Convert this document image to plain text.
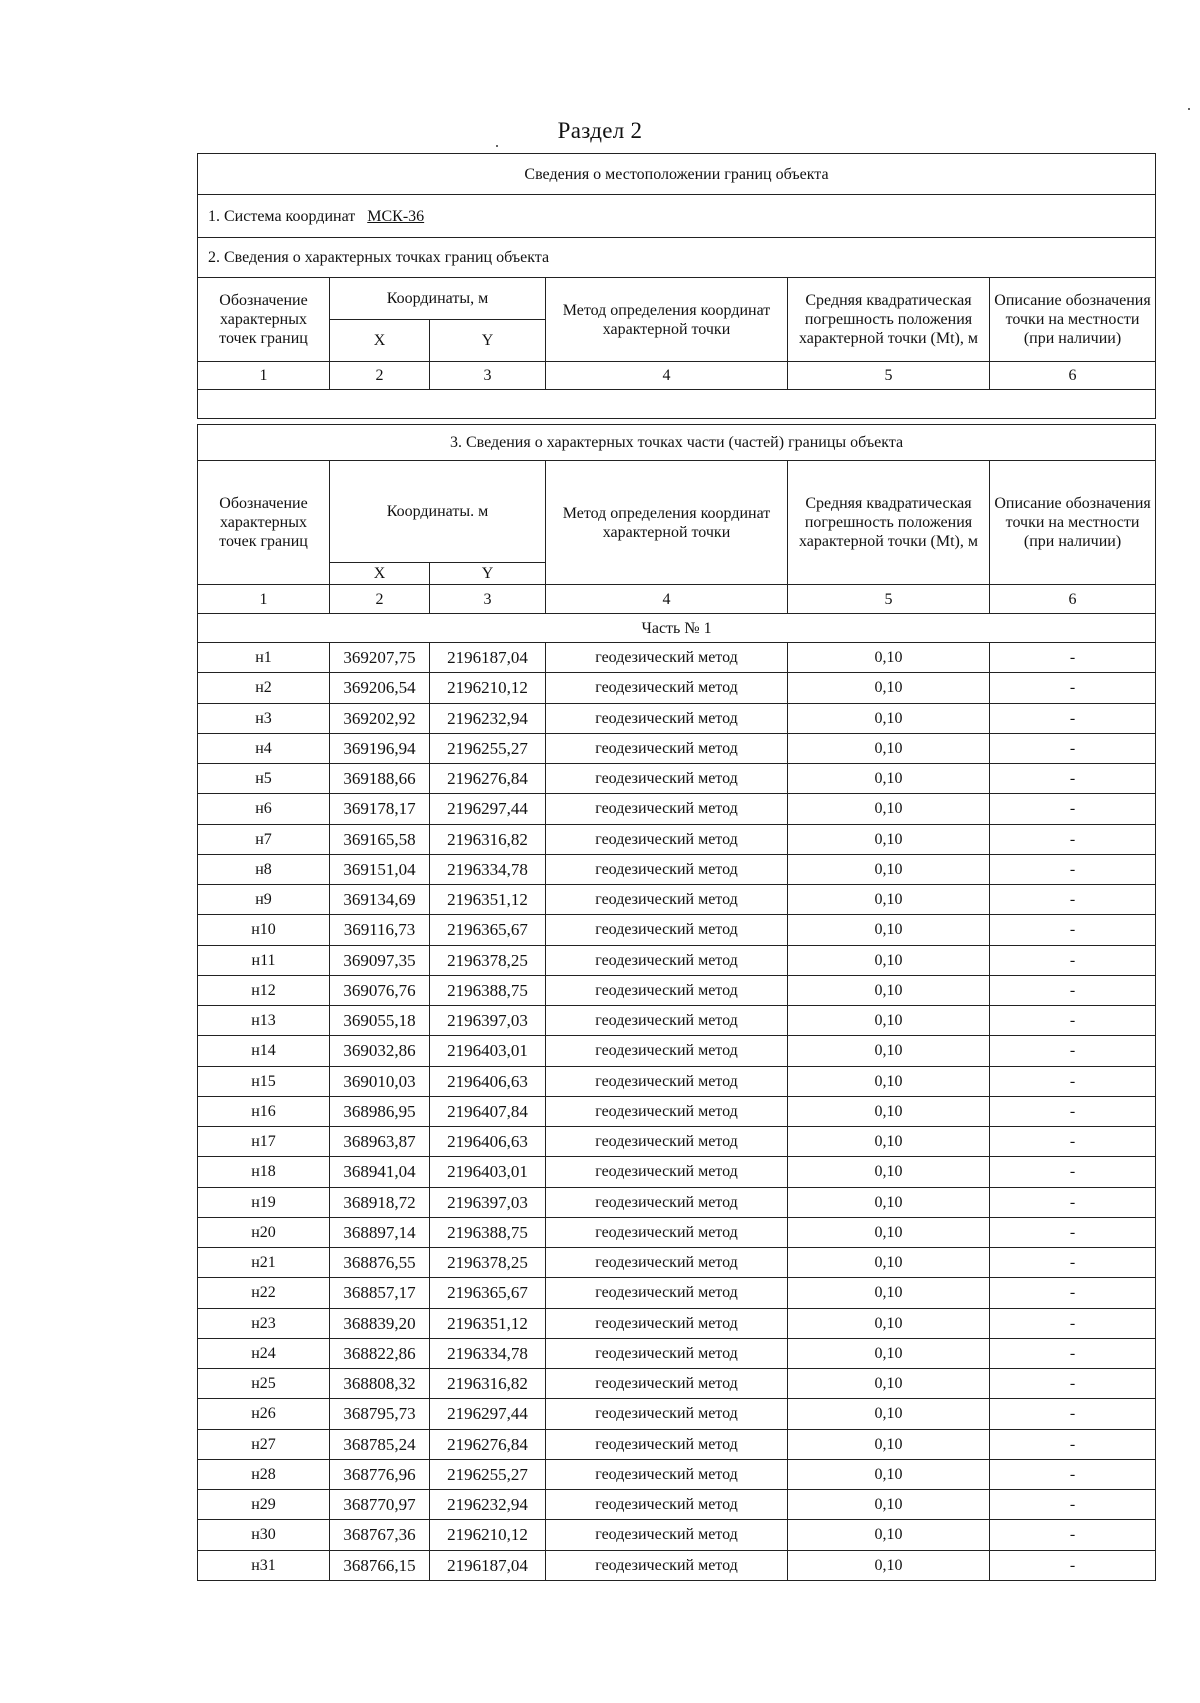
Раздел 2
Сведения о местоположении границ объекта					
1. Система координат МСК-36					
2. Сведения о характерных точках границ объекта					
Обозначение характерных точек границ	Координаты, м		Метод определения координат характерной точки	Средняя квадратическая погрешность положения характерной точки (Mt), м	Описание обозначения точки на местности (при наличии)
	X	Y			
1	2	3	4	5	6

3. Сведения о характерных точках части (частей) границы объекта					
Обозначение характерных точек границ	Координаты. м		Метод определения координат характерной точки	Средняя квадратическая погрешность положения характерной точки (Mt), м	Описание обозначения точки на местности (при наличии)
	X	Y			
1	2	3	4	5	6
Часть № 1					
н1	369207,75	2196187,04	геодезический метод	0,10	-
н2	369206,54	2196210,12	геодезический метод	0,10	-
н3	369202,92	2196232,94	геодезический метод	0,10	-
н4	369196,94	2196255,27	геодезический метод	0,10	-
н5	369188,66	2196276,84	геодезический метод	0,10	-
н6	369178,17	2196297,44	геодезический метод	0,10	-
н7	369165,58	2196316,82	геодезический метод	0,10	-
н8	369151,04	2196334,78	геодезический метод	0,10	-
н9	369134,69	2196351,12	геодезический метод	0,10	-
н10	369116,73	2196365,67	геодезический метод	0,10	-
н11	369097,35	2196378,25	геодезический метод	0,10	-
н12	369076,76	2196388,75	геодезический метод	0,10	-
н13	369055,18	2196397,03	геодезический метод	0,10	-
н14	369032,86	2196403,01	геодезический метод	0,10	-
н15	369010,03	2196406,63	геодезический метод	0,10	-
н16	368986,95	2196407,84	геодезический метод	0,10	-
н17	368963,87	2196406,63	геодезический метод	0,10	-
н18	368941,04	2196403,01	геодезический метод	0,10	-
н19	368918,72	2196397,03	геодезический метод	0,10	-
н20	368897,14	2196388,75	геодезический метод	0,10	-
н21	368876,55	2196378,25	геодезический метод	0,10	-
н22	368857,17	2196365,67	геодезический метод	0,10	-
н23	368839,20	2196351,12	геодезический метод	0,10	-
н24	368822,86	2196334,78	геодезический метод	0,10	-
н25	368808,32	2196316,82	геодезический метод	0,10	-
н26	368795,73	2196297,44	геодезический метод	0,10	-
н27	368785,24	2196276,84	геодезический метод	0,10	-
н28	368776,96	2196255,27	геодезический метод	0,10	-
н29	368770,97	2196232,94	геодезический метод	0,10	-
н30	368767,36	2196210,12	геодезический метод	0,10	-
н31	368766,15	2196187,04	геодезический метод	0,10	-
